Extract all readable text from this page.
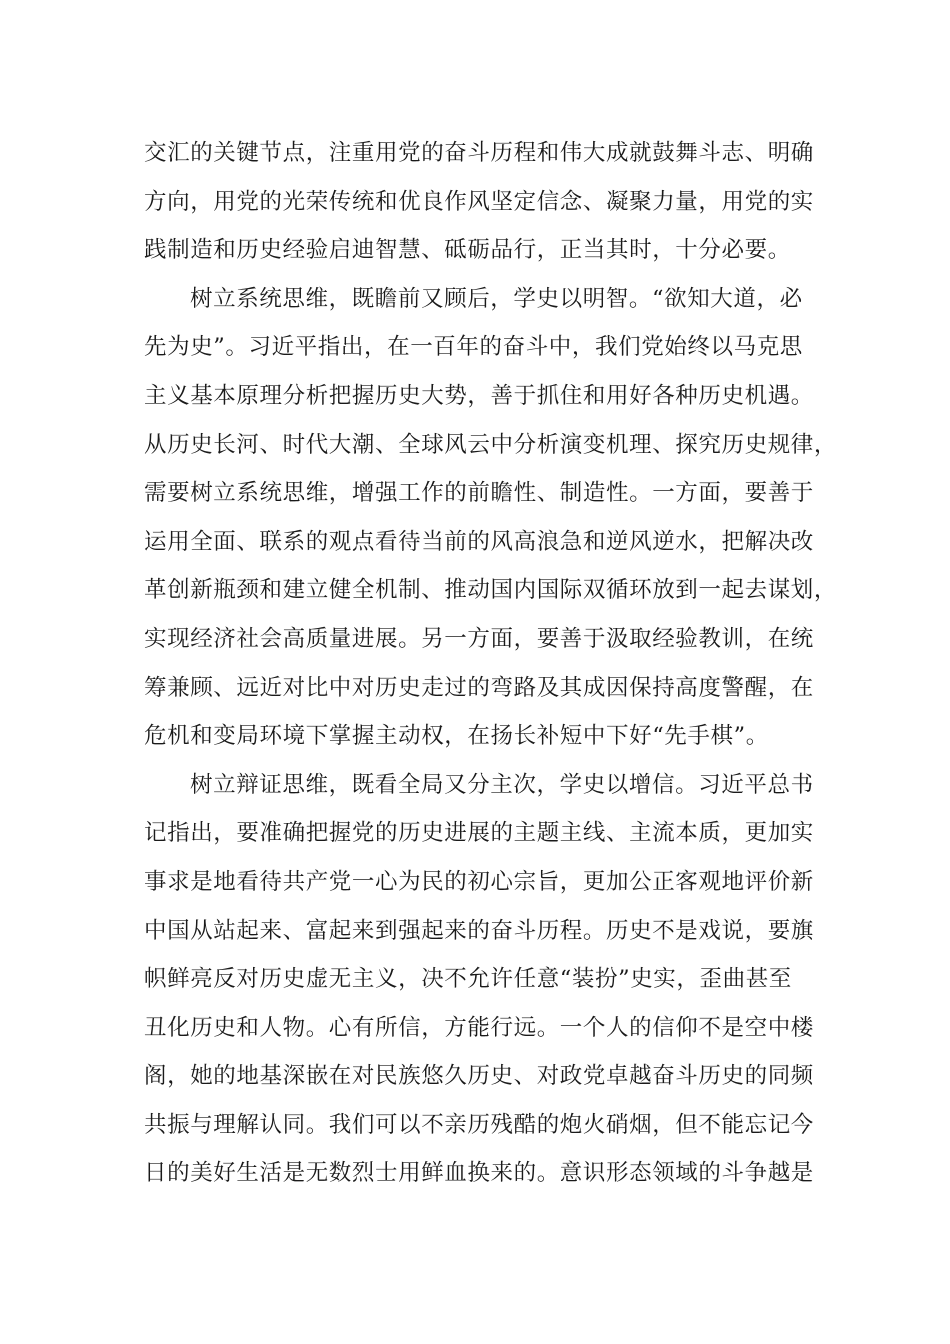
交汇的关键节点，注重用党的奋斗历程和伟大成就鼓舞斗志、明确
方向，用党的光荣传统和优良作风坚定信念、凝聚力量，用党的实
践制造和历史经验启迪智慧、砥砺品行，正当其时，十分必要。
树立系统思维，既瞻前又顾后，学史以明智。“欲知大道，必
先为史”。习近平指出，在一百年的奋斗中，我们党始终以马克思
主义基本原理分析把握历史大势，善于抓住和用好各种历史机遇。
从历史长河、时代大潮、全球风云中分析演变机理、探究历史规律，
需要树立系统思维，增强工作的前瞻性、制造性。一方面，要善于
运用全面、联系的观点看待当前的风高浪急和逆风逆水，把解决改
革创新瓶颈和建立健全机制、推动国内国际双循环放到一起去谋划，
实现经济社会高质量进展。另一方面，要善于汲取经验教训，在统
筹兼顾、远近对比中对历史走过的弯路及其成因保持高度警醒，在
危机和变局环境下掌握主动权，在扬长补短中下好“先手棋”。
树立辩证思维，既看全局又分主次，学史以增信。习近平总书
记指出，要准确把握党的历史进展的主题主线、主流本质，更加实
事求是地看待共产党一心为民的初心宗旨，更加公正客观地评价新
中国从站起来、富起来到强起来的奋斗历程。历史不是戏说，要旗
帜鲜亮反对历史虚无主义，决不允许任意“装扮”史实，歪曲甚至
丑化历史和人物。心有所信，方能行远。一个人的信仰不是空中楼
阁，她的地基深嵌在对民族悠久历史、对政党卓越奋斗历史的同频
共振与理解认同。我们可以不亲历残酷的炮火硝烟，但不能忘记今
日的美好生活是无数烈士用鲜血换来的。意识形态领域的斗争越是
